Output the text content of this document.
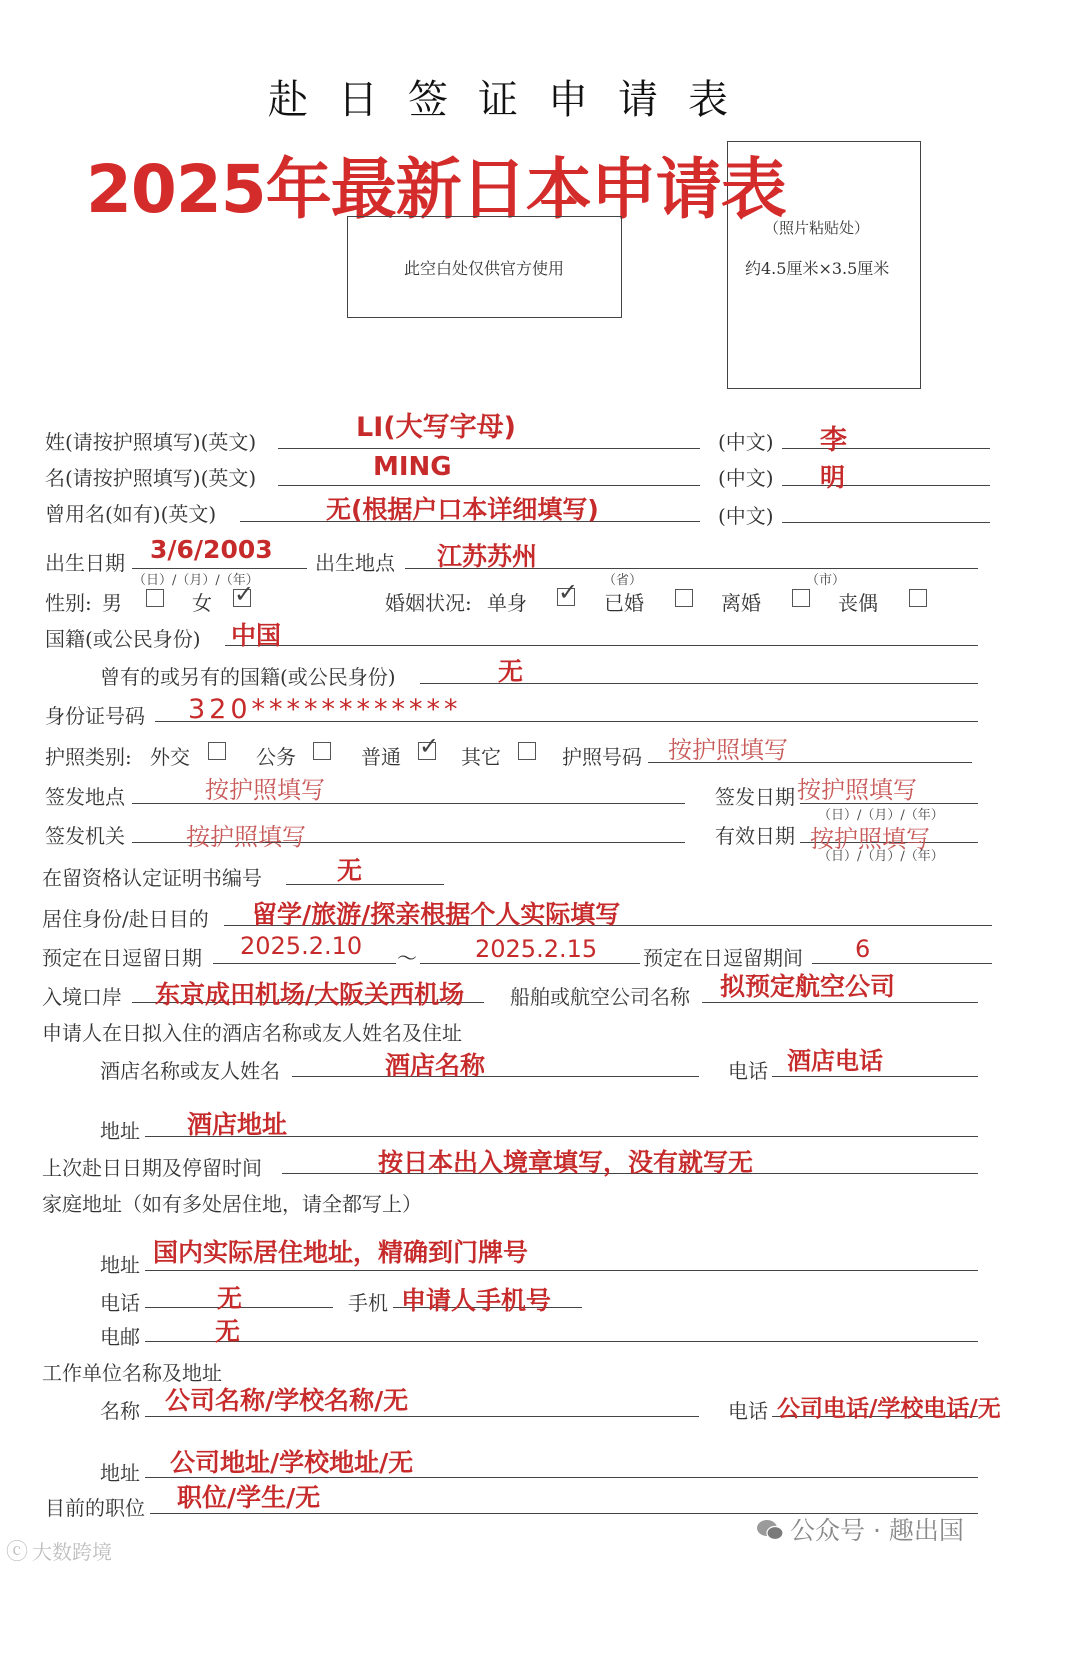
赴日签证申请表
（照片粘贴处）
约4.5厘米×3.5厘米
2025年最新日本申请表
此空白处仅供官方使用
姓(请按护照填写)(英文)	LI(大写字母)	(中文) 李
名(请按护照填写)(英文)	MING	(中文) 明
曾用名(如有)(英文)	无(根据户口本详细填写)	(中文)
出生日期 3/6/2003
（日）/（月）/（年）
出生地点 江苏苏州
（省）	（市）
性别: 男	女 ✓	婚姻状况: 单身 ✓ 已婚	离婚	丧偶
国籍(或公民身份) 中国
曾有的或另有的国籍(或公民身份)	无
身份证号码 320************
护照类别: 外交	公务	普通 ✓ 其它	护照号码 按护照填写
签发地点	按护照填写	签发日期 按护照填写
（日）/（月）/（年）
签发机关	按护照填写	有效日期 按护照填写
（日）/（月）/（年）
在留资格认定证明书编号	无
居住身份/赴日目的 留学/旅游/探亲根据个人实际填写
预定在日逗留日期 2025.2.10 ～ 2025.2.15 预定在日逗留期间 6
入境口岸 东京成田机场/大阪关西机场 船舶或航空公司名称 拟预定航空公司
申请人在日拟入住的酒店名称或友人姓名及住址
酒店名称或友人姓名	酒店名称	电话 酒店电话
地址 酒店地址
上次赴日日期及停留时间	按日本出入境章填写，没有就写无
家庭地址（如有多处居住地，请全都写上）
地址 国内实际居住地址，精确到门牌号
电话	无	手机 申请人手机号
电邮	无
工作单位名称及地址
名称 公司名称/学校名称/无	电话 公司电话/学校电话/无
地址 公司地址/学校地址/无
目前的职位 职位/学生/无
ⓒ 大数跨境
公众号 · 趣出国
